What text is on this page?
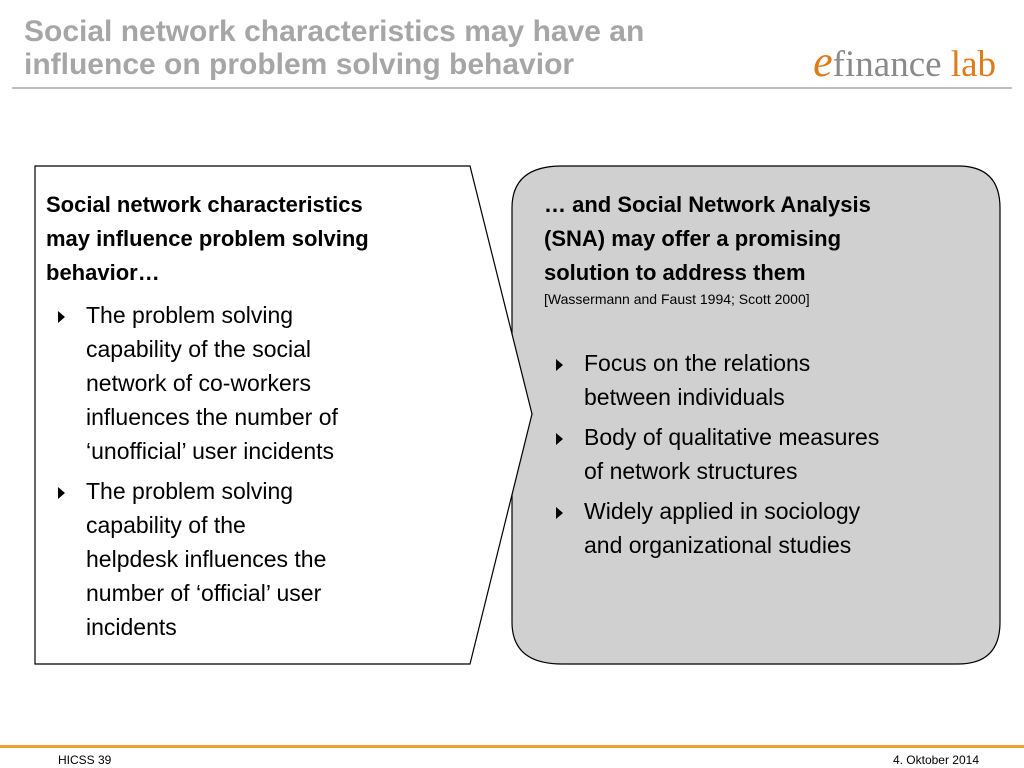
Social network characteristics may have an
influence on problem solving behavior	efinance lab
Social network characteristics
may influence problem solving
behavior…
The problem solving
capability of the social
network of co-workers
influences the number of
‘unofficial’ user incidents
The problem solving
capability of the
helpdesk influences the
number of ‘official’ user
incidents
… and Social Network Analysis
(SNA) may offer a promising
solution to address them
[Wassermann and Faust 1994; Scott 2000]
Focus on the relations
between individuals
Body of qualitative measures
of network structures
Widely applied in sociology
and organizational studies
HICSS 39	4. Oktober 2014
